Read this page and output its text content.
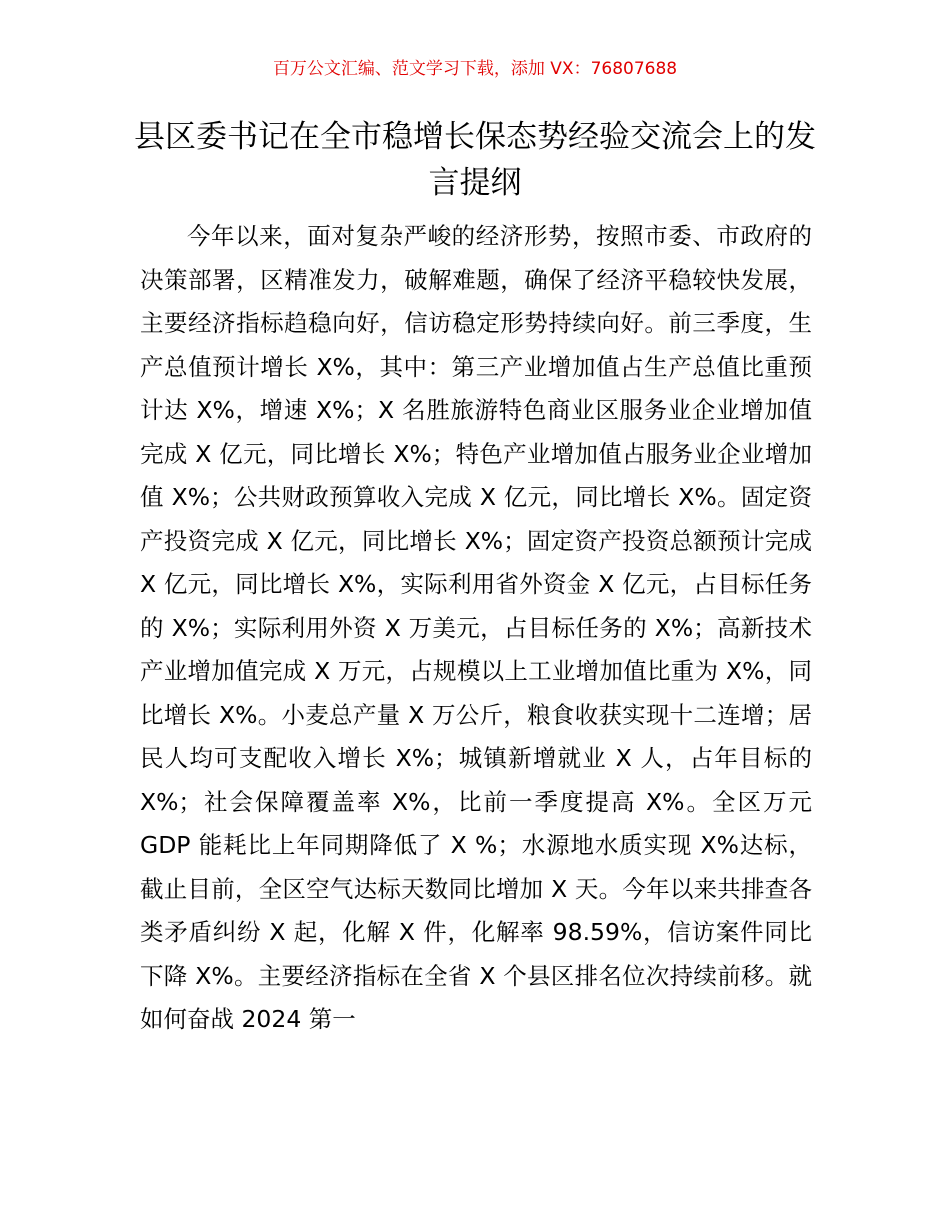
百万公文汇编、范文学习下载，添加 VX：76807688
县区委书记在全市稳增长保态势经验交流会上的发言提纲

今年以来，面对复杂严峻的经济形势，按照市委、市政府的决策部署，区精准发力，破解难题，确保了经济平稳较快发展，主要经济指标趋稳向好，信访稳定形势持续向好。前三季度，生产总值预计增长 X%，其中：第三产业增加值占生产总值比重预计达 X%，增速 X%；X 名胜旅游特色商业区服务业企业增加值完成 X 亿元，同比增长 X%；特色产业增加值占服务业企业增加值 X%；公共财政预算收入完成 X 亿元，同比增长 X%。固定资产投资完成 X 亿元，同比增长 X%；固定资产投资总额预计完成 X 亿元，同比增长 X%，实际利用省外资金 X 亿元，占目标任务的 X%；实际利用外资 X 万美元，占目标任务的 X%；高新技术产业增加值完成 X 万元，占规模以上工业增加值比重为 X%，同比增长 X%。小麦总产量 X 万公斤，粮食收获实现十二连增；居民人均可支配收入增长 X%；城镇新增就业 X 人，占年目标的 X%；社会保障覆盖率 X%，比前一季度提高 X%。全区万元 GDP 能耗比上年同期降低了 X %；水源地水质实现 X%达标，截止目前，全区空气达标天数同比增加 X 天。今年以来共排查各类矛盾纠纷 X 起，化解 X 件，化解率 98.59%，信访案件同比下降 X%。主要经济指标在全省 X 个县区排名位次持续前移。就如何奋战 2024 第一
